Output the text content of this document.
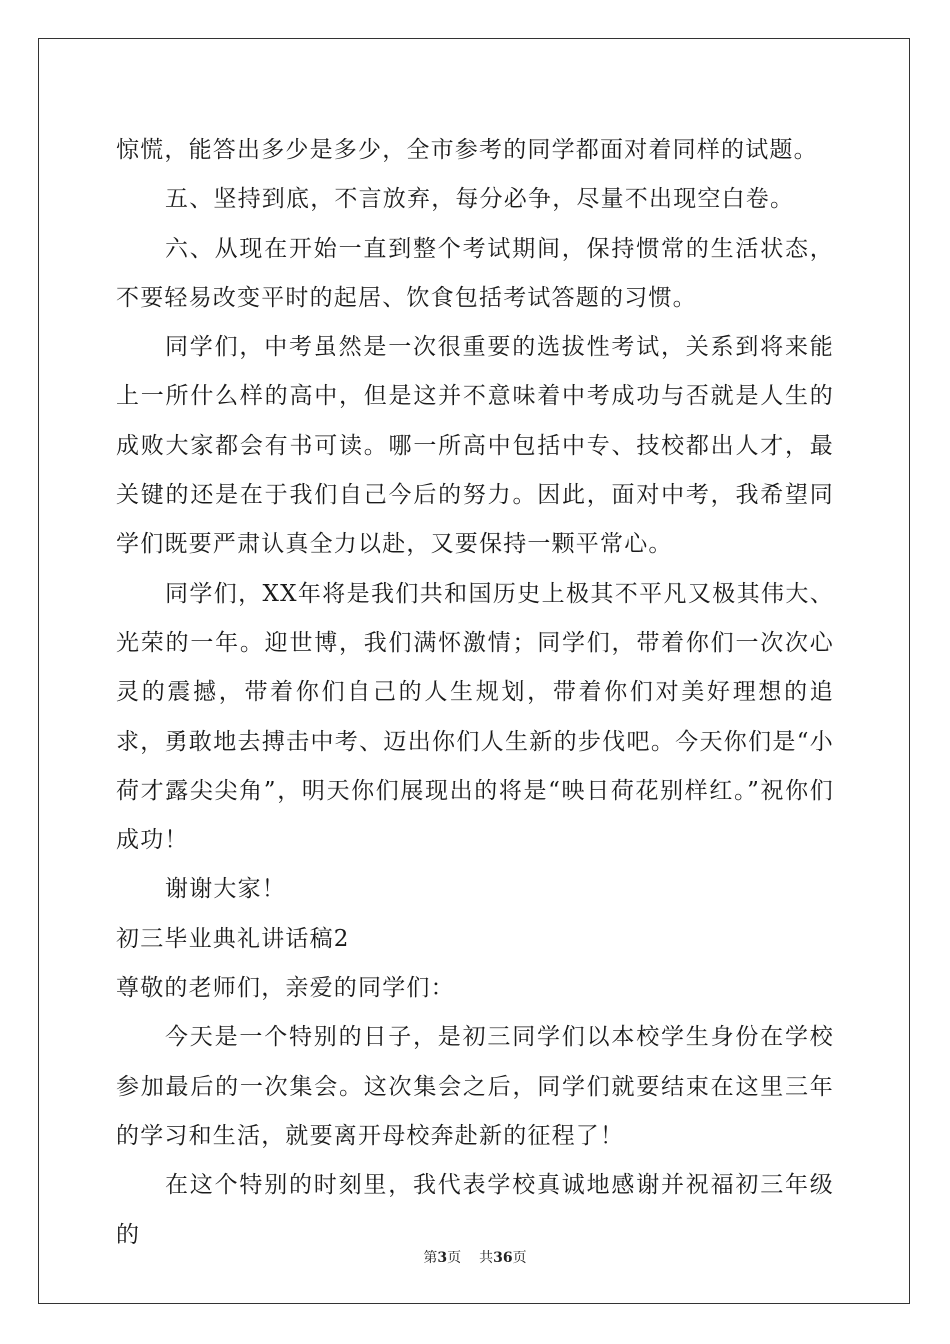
惊慌，能答出多少是多少，全市参考的同学都面对着同样的试题。

五、坚持到底，不言放弃，每分必争，尽量不出现空白卷。

六、从现在开始一直到整个考试期间，保持惯常的生活状态，不要轻易改变平时的起居、饮食包括考试答题的习惯。

同学们，中考虽然是一次很重要的选拔性考试，关系到将来能上一所什么样的高中，但是这并不意味着中考成功与否就是人生的成败大家都会有书可读。哪一所高中包括中专、技校都出人才，最关键的还是在于我们自己今后的努力。因此，面对中考，我希望同学们既要严肃认真全力以赴，又要保持一颗平常心。

同学们，XX年将是我们共和国历史上极其不平凡又极其伟大、光荣的一年。迎世博，我们满怀激情；同学们，带着你们一次次心灵的震撼，带着你们自己的人生规划，带着你们对美好理想的追求，勇敢地去搏击中考、迈出你们人生新的步伐吧。今天你们是“小荷才露尖尖角”，明天你们展现出的将是“映日荷花别样红。”祝你们成功！

谢谢大家！

初三毕业典礼讲话稿2

尊敬的老师们，亲爱的同学们：

今天是一个特别的日子，是初三同学们以本校学生身份在学校参加最后的一次集会。这次集会之后，同学们就要结束在这里三年的学习和生活，就要离开母校奔赴新的征程了！

在这个特别的时刻里，我代表学校真诚地感谢并祝福初三年级的

第3页 共36页
